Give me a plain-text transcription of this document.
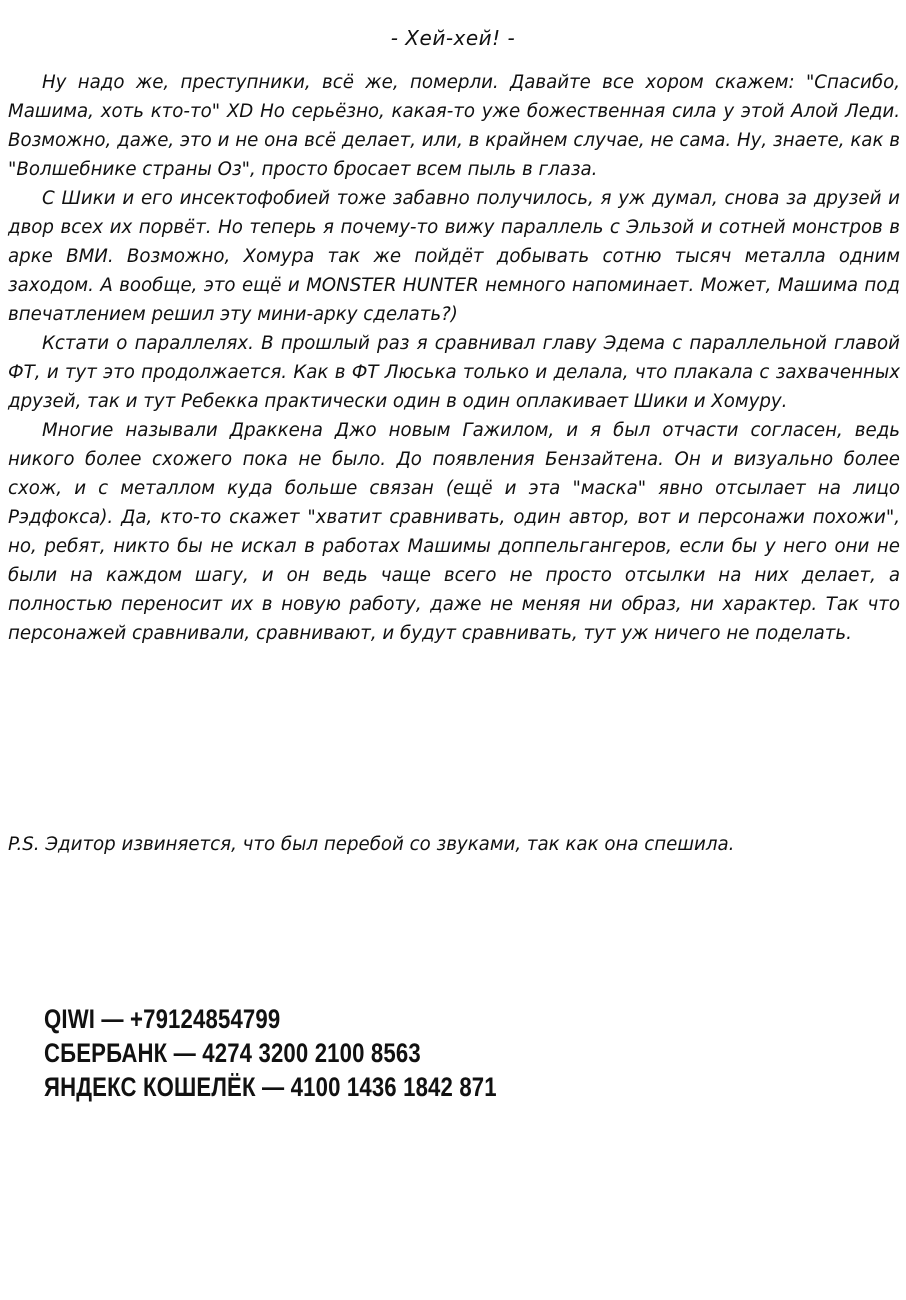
- Хей-хей! -

Ну надо же, преступники, всё же, померли. Давайте все хором скажем: "Спасибо, Машима, хоть кто-то" XD Но серьёзно, какая-то уже божественная сила у этой Алой Леди. Возможно, даже, это и не она всё делает, или, в крайнем случае, не сама. Ну, знаете, как в "Волшебнике страны Оз", просто бросает всем пыль в глаза.

С Шики и его инсектофобией тоже забавно получилось, я уж думал, снова за друзей и двор всех их порвёт. Но теперь я почему-то вижу параллель с Эльзой и сотней монстров в арке ВМИ. Возможно, Хомура так же пойдёт добывать сотню тысяч металла одним заходом. А вообще, это ещё и MONSTER HUNTER немного напоминает. Может, Машима под впечатлением решил эту мини-арку сделать?)

Кстати о параллелях. В прошлый раз я сравнивал главу Эдема с параллельной главой ФТ, и тут это продолжается. Как в ФТ Люська только и делала, что плакала с захваченных друзей, так и тут Ребекка практически один в один оплакивает Шики и Хомуру.

Многие называли Драккена Джо новым Гажилом, и я был отчасти согласен, ведь никого более схожего пока не было. До появления Бензайтена. Он и визуально более схож, и с металлом куда больше связан (ещё и эта "маска" явно отсылает на лицо Рэдфокса). Да, кто-то скажет "хватит сравнивать, один автор, вот и персонажи похожи", но, ребят, никто бы не искал в работах Машимы доппельгангеров, если бы у него они не были на каждом шагу, и он ведь чаще всего не просто отсылки на них делает, а полностью переносит их в новую работу, даже не меняя ни образ, ни характер. Так что персонажей сравнивали, сравнивают, и будут сравнивать, тут уж ничего не поделать.

P.S. Эдитор извиняется, что был перебой со звуками, так как она спешила.
QIWI — +79124854799
СБЕРБАНК — 4274 3200 2100 8563
ЯНДЕКС КОШЕЛЁК — 4100 1436 1842 871
